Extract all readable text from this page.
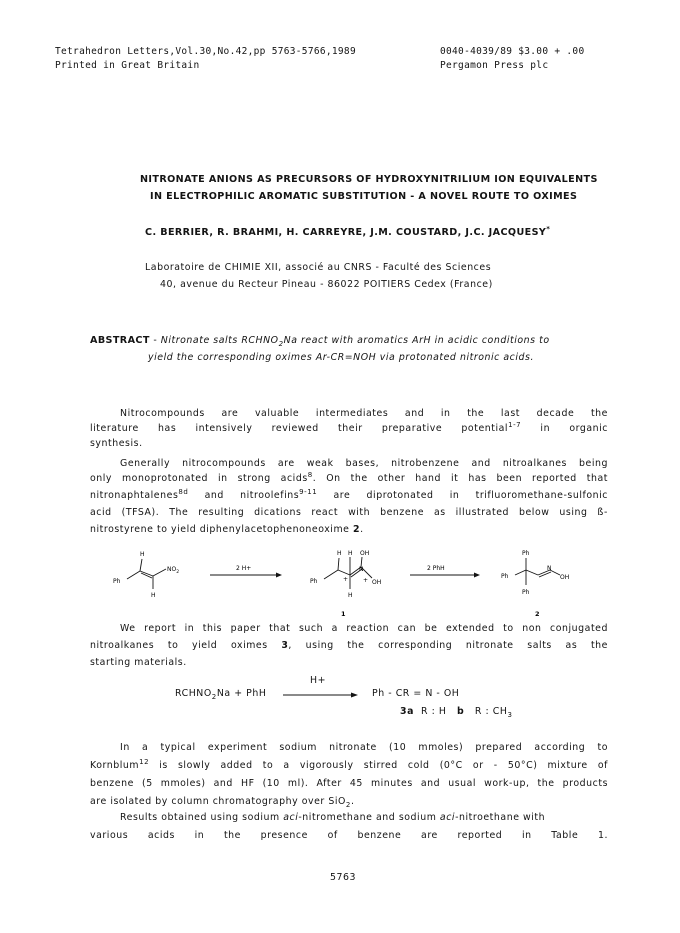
Tetrahedron Letters,Vol.30,No.42,pp 5763-5766,1989
Printed in Great Britain
0040-4039/89 $3.00 + .00
Pergamon Press plc
NITRONATE ANIONS AS PRECURSORS OF HYDROXYNITRILIUM ION EQUIVALENTS
IN ELECTROPHILIC AROMATIC SUBSTITUTION - A NOVEL ROUTE TO OXIMES
C. BERRIER, R. BRAHMI, H. CARREYRE, J.M. COUSTARD, J.C. JACQUESY*
Laboratoire de CHIMIE XII, associé au CNRS - Faculté des Sciences
40, avenue du Recteur Pineau - 86022 POITIERS Cedex (France)
ABSTRACT - Nitronate salts $RCHNO_2Na$ react with aromatics ArH in acidic conditions to
yield the corresponding oximes Ar-CR=NOH via protonated nitronic acids.
Nitrocompounds are valuable intermediates and in the last decade the
literature has intensively reviewed their preparative potential$^{1-7}$ in organic
synthesis.
Generally nitrocompounds are weak bases, nitrobenzene and nitroalkanes being
only monoprotonated in strong acids$^8$. On the other hand it has been reported that
nitronaphtalenes$^{8d}$ and nitroolefins$^{9-11}$ are diprotonated in trifluoromethane-sulfonic
acid (TFSA). The resulting dications react with benzene as illustrated below using ß-
nitrostyrene to yield diphenylacetophenoneoxime 2.
H
H
Ph
$NO_2$
2 H+
H H OH
N
OH
H
+ +
Ph
1
2 PhH
Ph
Ph
Ph
N
OH
2
We report in this paper that such a reaction can be extended to non conjugated
nitroalkanes to yield oximes 3, using the corresponding nitronate salts as the
starting materials.
H+
$RCHNO_2Na$ + PhH	Ph - CR = N - OH
3a R : H b R : $CH_3$
In a typical experiment sodium nitronate (10 mmoles) prepared according to
Kornblum$^{12}$ is slowly added to a vigorously stirred cold (0°C or - 50°C) mixture of
benzene (5 mmoles) and HF (10 ml). After 45 minutes and usual work-up, the products
are isolated by column chromatography over SiO$_2$.
Results obtained using sodium aci-nitromethane and sodium aci-nitroethane with
various acids in the presence of benzene are reported in Table 1.
5763
